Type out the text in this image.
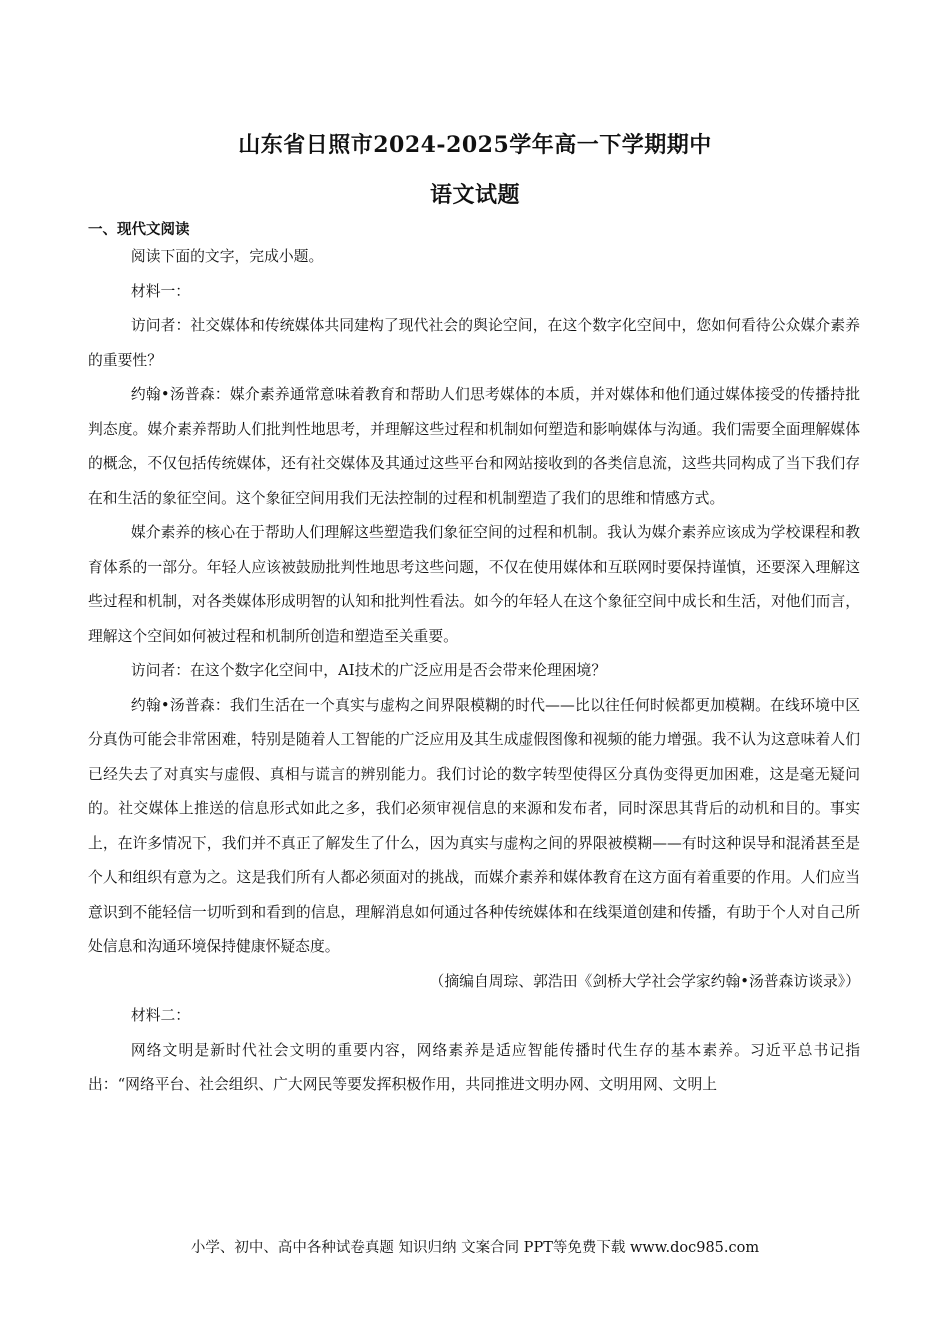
山东省日照市2024-2025学年高一下学期期中
语文试题
一、现代文阅读

阅读下面的文字，完成小题。

材料一：

访问者：社交媒体和传统媒体共同建构了现代社会的舆论空间，在这个数字化空间中，您如何看待公众媒介素养的重要性？

约翰•汤普森：媒介素养通常意味着教育和帮助人们思考媒体的本质，并对媒体和他们通过媒体接受的传播持批判态度。媒介素养帮助人们批判性地思考，并理解这些过程和机制如何塑造和影响媒体与沟通。我们需要全面理解媒体的概念，不仅包括传统媒体，还有社交媒体及其通过这些平台和网站接收到的各类信息流，这些共同构成了当下我们存在和生活的象征空间。这个象征空间用我们无法控制的过程和机制塑造了我们的思维和情感方式。

媒介素养的核心在于帮助人们理解这些塑造我们象征空间的过程和机制。我认为媒介素养应该成为学校课程和教育体系的一部分。年轻人应该被鼓励批判性地思考这些问题，不仅在使用媒体和互联网时要保持谨慎，还要深入理解这些过程和机制，对各类媒体形成明智的认知和批判性看法。如今的年轻人在这个象征空间中成长和生活，对他们而言，理解这个空间如何被过程和机制所创造和塑造至关重要。

访问者：在这个数字化空间中，AI技术的广泛应用是否会带来伦理困境？

约翰•汤普森：我们生活在一个真实与虚构之间界限模糊的时代——比以往任何时候都更加模糊。在线环境中区分真伪可能会非常困难，特别是随着人工智能的广泛应用及其生成虚假图像和视频的能力增强。我不认为这意味着人们已经失去了对真实与虚假、真相与谎言的辨别能力。我们讨论的数字转型使得区分真伪变得更加困难，这是毫无疑问的。社交媒体上推送的信息形式如此之多，我们必须审视信息的来源和发布者，同时深思其背后的动机和目的。事实上，在许多情况下，我们并不真正了解发生了什么，因为真实与虚构之间的界限被模糊——有时这种误导和混淆甚至是个人和组织有意为之。这是我们所有人都必须面对的挑战，而媒介素养和媒体教育在这方面有着重要的作用。人们应当意识到不能轻信一切听到和看到的信息，理解消息如何通过各种传统媒体和在线渠道创建和传播，有助于个人对自己所处信息和沟通环境保持健康怀疑态度。

（摘编自周琮、郭浩田《剑桥大学社会学家约翰•汤普森访谈录》）

材料二：

网络文明是新时代社会文明的重要内容，网络素养是适应智能传播时代生存的基本素养。习近平总书记指出：“网络平台、社会组织、广大网民等要发挥积极作用，共同推进文明办网、文明用网、文明上

小学、初中、高中各种试卷真题 知识归纳 文案合同 PPT等免费下载 www.doc985.com
